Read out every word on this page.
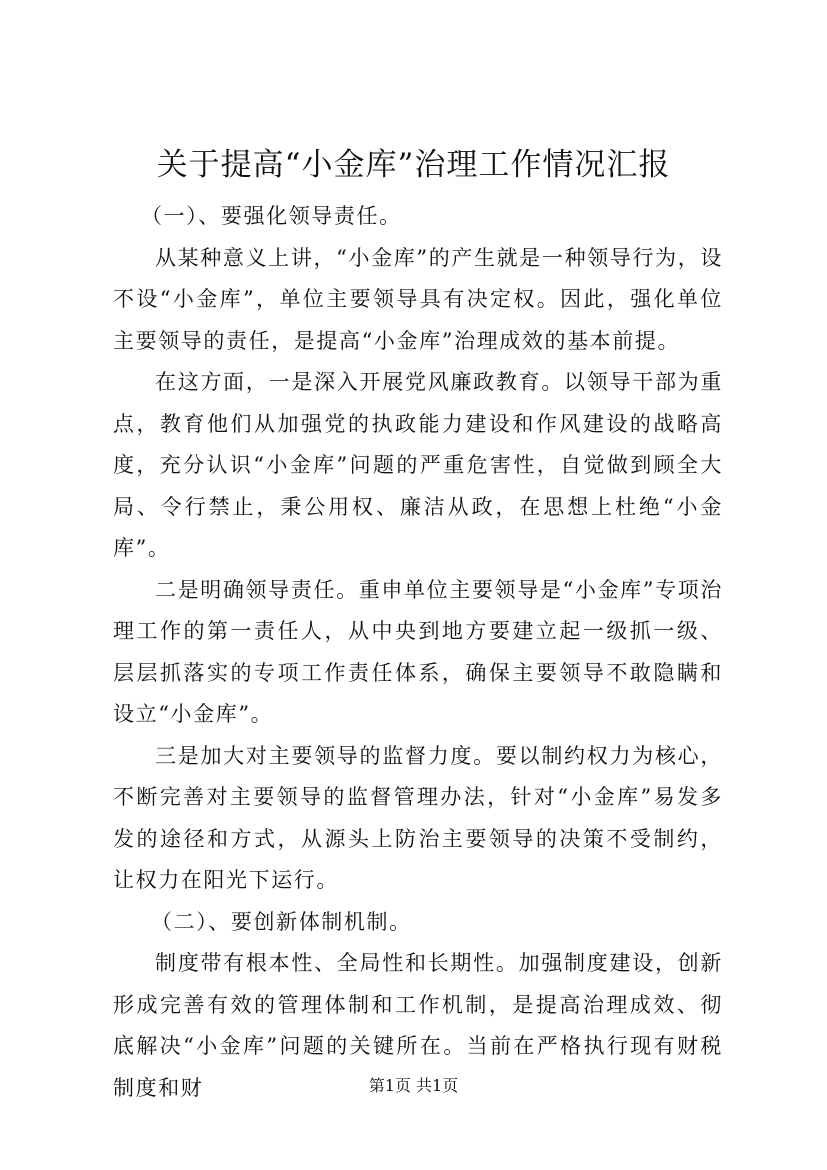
关于提高“小金库”治理工作情况汇报

（一）、要强化领导责任。

从某种意义上讲，“小金库”的产生就是一种领导行为，设不设“小金库”，单位主要领导具有决定权。因此，强化单位主要领导的责任，是提高“小金库”治理成效的基本前提。

在这方面，一是深入开展党风廉政教育。以领导干部为重点，教育他们从加强党的执政能力建设和作风建设的战略高度，充分认识“小金库”问题的严重危害性，自觉做到顾全大局、令行禁止，秉公用权、廉洁从政，在思想上杜绝“小金库”。

二是明确领导责任。重申单位主要领导是“小金库”专项治理工作的第一责任人，从中央到地方要建立起一级抓一级、层层抓落实的专项工作责任体系，确保主要领导不敢隐瞒和设立“小金库”。

三是加大对主要领导的监督力度。要以制约权力为核心，不断完善对主要领导的监督管理办法，针对“小金库”易发多发的途径和方式，从源头上防治主要领导的决策不受制约，让权力在阳光下运行。

（二）、要创新体制机制。

制度带有根本性、全局性和长期性。加强制度建设，创新形成完善有效的管理体制和工作机制，是提高治理成效、彻底解决“小金库”问题的关键所在。当前在严格执行现有财税制度和财	第1页 共1页
